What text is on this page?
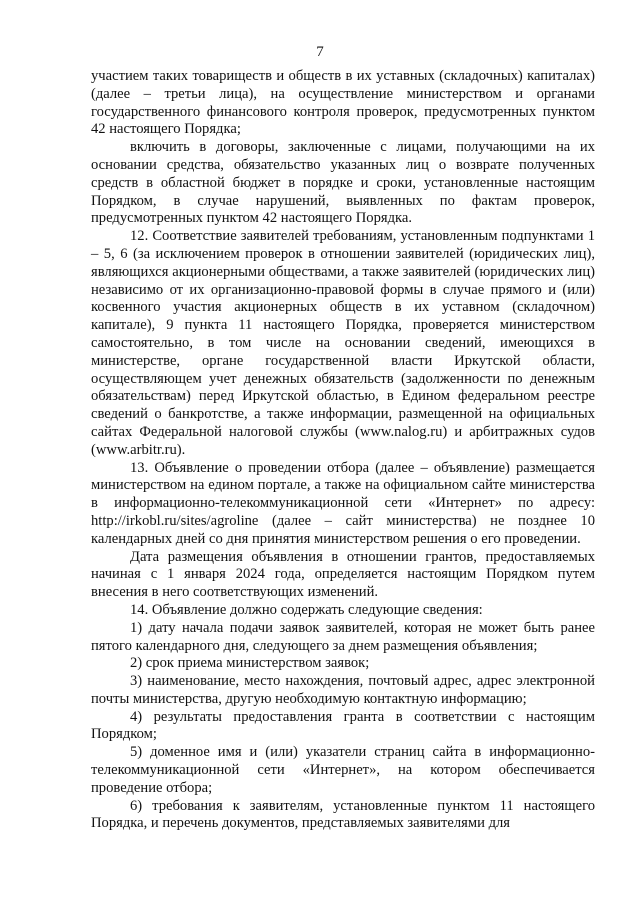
7

участием таких товариществ и обществ в их уставных (складочных) капиталах) (далее – третьи лица), на осуществление министерством и органами государственного финансового контроля проверок, предусмотренных пунктом 42 настоящего Порядка;

включить в договоры, заключенные с лицами, получающими на их основании средства, обязательство указанных лиц о возврате полученных средств в областной бюджет в порядке и сроки, установленные настоящим Порядком, в случае нарушений, выявленных по фактам проверок, предусмотренных пунктом 42 настоящего Порядка.

12. Соответствие заявителей требованиям, установленным подпунктами 1 – 5, 6 (за исключением проверок в отношении заявителей (юридических лиц), являющихся акционерными обществами, а также заявителей (юридических лиц) независимо от их организационно-правовой формы в случае прямого и (или) косвенного участия акционерных обществ в их уставном (складочном) капитале), 9 пункта 11 настоящего Порядка, проверяется министерством самостоятельно, в том числе на основании сведений, имеющихся в министерстве, органе государственной власти Иркутской области, осуществляющем учет денежных обязательств (задолженности по денежным обязательствам) перед Иркутской областью, в Едином федеральном реестре сведений о банкротстве, а также информации, размещенной на официальных сайтах Федеральной налоговой службы (www.nalog.ru) и арбитражных судов (www.arbitr.ru).

13. Объявление о проведении отбора (далее – объявление) размещается министерством на едином портале, а также на официальном сайте министерства в информационно-телекоммуникационной сети «Интернет» по адресу: http://irkobl.ru/sites/agroline (далее – сайт министерства) не позднее 10 календарных дней со дня принятия министерством решения о его проведении.

Дата размещения объявления в отношении грантов, предоставляемых начиная с 1 января 2024 года, определяется настоящим Порядком путем внесения в него соответствующих изменений.

14. Объявление должно содержать следующие сведения:

1) дату начала подачи заявок заявителей, которая не может быть ранее пятого календарного дня, следующего за днем размещения объявления;

2) срок приема министерством заявок;

3) наименование, место нахождения, почтовый адрес, адрес электронной почты министерства, другую необходимую контактную информацию;

4) результаты предоставления гранта в соответствии с настоящим Порядком;

5) доменное имя и (или) указатели страниц сайта в информационно-телекоммуникационной сети «Интернет», на котором обеспечивается проведение отбора;

6) требования к заявителям, установленные пунктом 11 настоящего Порядка, и перечень документов, представляемых заявителями для
